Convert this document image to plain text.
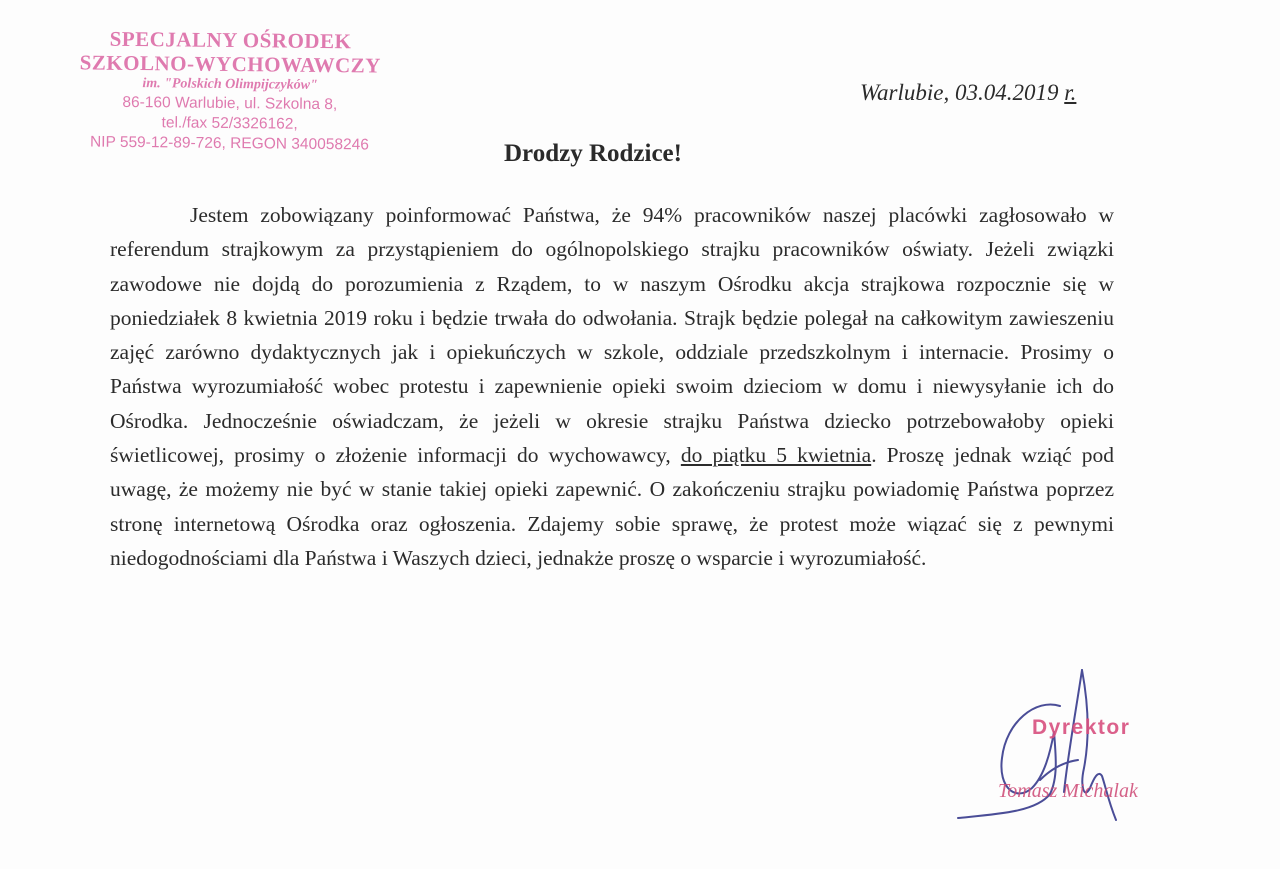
SPECJALNY OŚRODEK
SZKOLNO-WYCHOWAWCZY
im. "Polskich Olimpijczyków"
86-160 Warlubie, ul. Szkolna 8,
tel./fax 52/3326162,
NIP 559-12-89-726, REGON 340058246
Warlubie, 03.04.2019 r.
Drodzy Rodzice!

Jestem zobowiązany poinformować Państwa, że 94% pracowników naszej placówki zagłosowało w referendum strajkowym za przystąpieniem do ogólnopolskiego strajku pracowników oświaty. Jeżeli związki zawodowe nie dojdą do porozumienia z Rządem, to w naszym Ośrodku akcja strajkowa rozpocznie się w poniedziałek 8 kwietnia 2019 roku i będzie trwała do odwołania. Strajk będzie polegał na całkowitym zawieszeniu zajęć zarówno dydaktycznych jak i opiekuńczych w szkole, oddziale przedszkolnym i internacie. Prosimy o Państwa wyrozumiałość wobec protestu i zapewnienie opieki swoim dzieciom w domu i niewysyłanie ich do Ośrodka. Jednocześnie oświadczam, że jeżeli w okresie strajku Państwa dziecko potrzebowałoby opieki świetlicowej, prosimy o złożenie informacji do wychowawcy, do piątku 5 kwietnia. Proszę jednak wziąć pod uwagę, że możemy nie być w stanie takiej opieki zapewnić. O zakończeniu strajku powiadomię Państwa poprzez stronę internetową Ośrodka oraz ogłoszenia. Zdajemy sobie sprawę, że protest może wiązać się z pewnymi niedogodnościami dla Państwa i Waszych dzieci, jednakże proszę o wsparcie i wyrozumiałość.

Dyrektor
Tomasz Michalak
